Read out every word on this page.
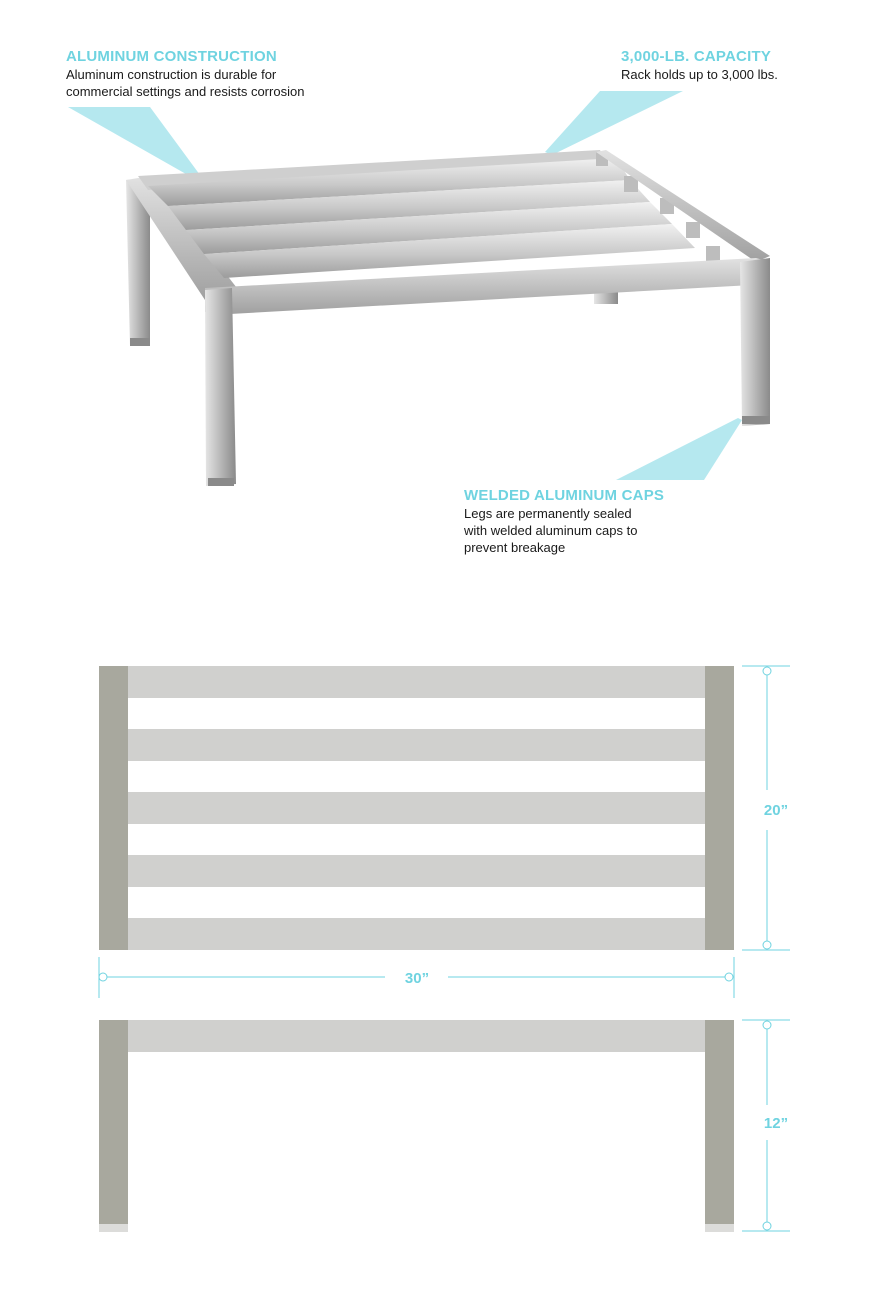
ALUMINUM CONSTRUCTION
Aluminum construction is durable for
commercial settings and resists corrosion
3,000-LB. CAPACITY
Rack holds up to 3,000 lbs.
WELDED ALUMINUM CAPS
Legs are permanently sealed
with welded aluminum caps to
prevent breakage
20”
30”
12”
